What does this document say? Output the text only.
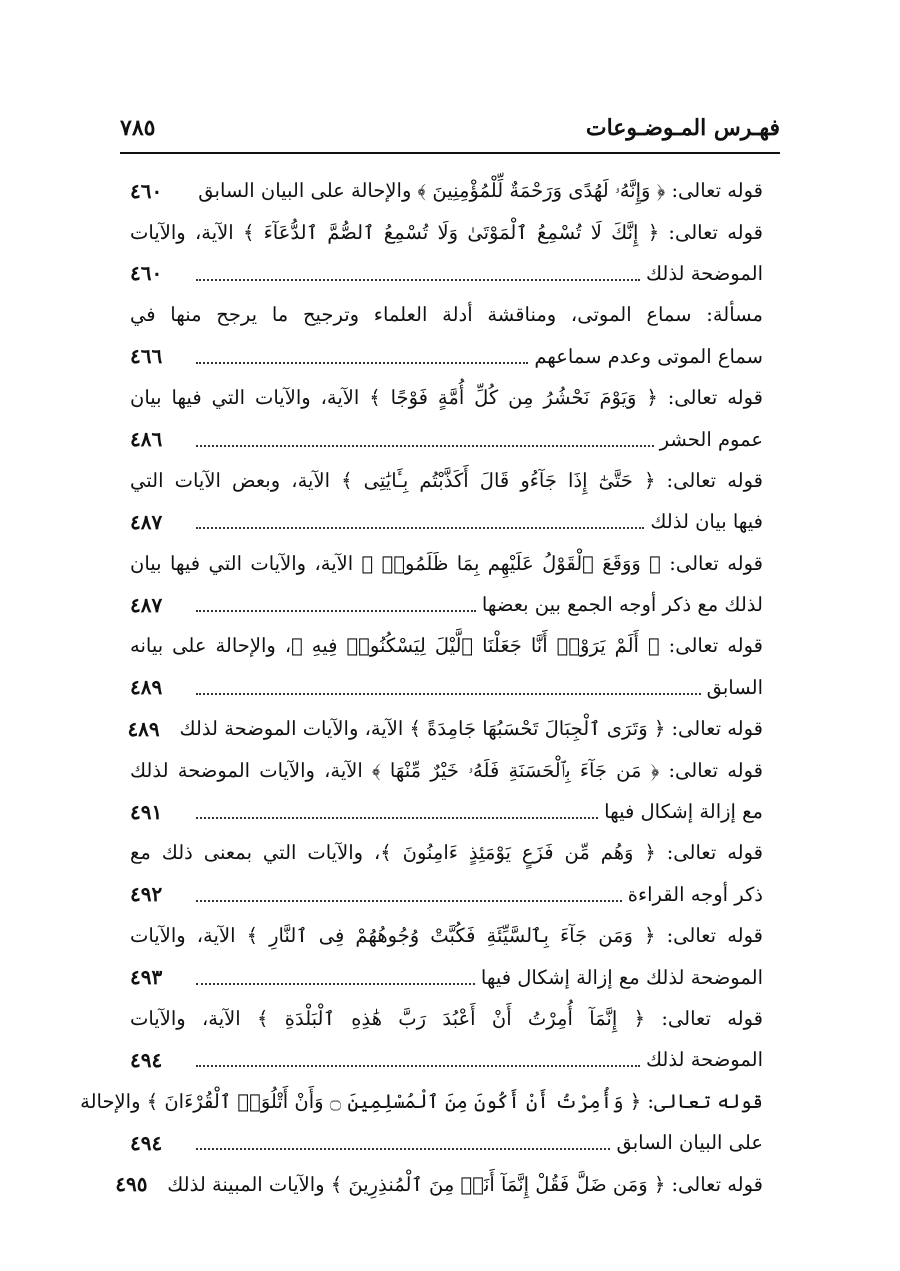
فهـرس المـوضـوعات
٧٨٥
قوله تعالى: ﴿ وَإِنَّهُۥ لَهُدًى وَرَحْمَةٌ لِّلْمُؤْمِنِينَ ﴾ والإحالة على البيان السابق
٤٦٠
قوله تعالى: ﴿ إِنَّكَ لَا تُسْمِعُ ٱلْمَوْتَىٰ وَلَا تُسْمِعُ ٱلصُّمَّ ٱلدُّعَآءَ ﴾ الآية، والآيات
الموضحة لذلك
٤٦٠
مسألة: سماع الموتى، ومناقشة أدلة العلماء وترجيح ما يرجح منها في
سماع الموتى وعدم سماعهم
٤٦٦
قوله تعالى: ﴿ وَيَوْمَ نَحْشُرُ مِن كُلِّ أُمَّةٍ فَوْجًا ﴾ الآية، والآيات التي فيها بيان
عموم الحشر
٤٨٦
قوله تعالى: ﴿ حَتَّىٰٓ إِذَا جَآءُو قَالَ أَكَذَّبْتُم بِـَٔايَٰتِى ﴾ الآية، وبعض الآيات التي
فيها بيان لذلك
٤٨٧
قوله تعالى: ﴿ وَوَقَعَ ٱلْقَوْلُ عَلَيْهِم بِمَا ظَلَمُوا۟ ﴾ الآية، والآيات التي فيها بيان
لذلك مع ذكر أوجه الجمع بين بعضها
٤٨٧
قوله تعالى: ﴿ أَلَمْ يَرَوْا۟ أَنَّا جَعَلْنَا ٱلَّيْلَ لِيَسْكُنُوا۟ فِيهِ ﴾، والإحالة على بيانه
السابق
٤٨٩
قوله تعالى: ﴿ وَتَرَى ٱلْجِبَالَ تَحْسَبُهَا جَامِدَةً ﴾ الآية، والآيات الموضحة لذلك
٤٨٩
قوله تعالى: ﴿ مَن جَآءَ بِٱلْحَسَنَةِ فَلَهُۥ خَيْرٌ مِّنْهَا ﴾ الآية، والآيات الموضحة لذلك
مع إزالة إشكال فيها
٤٩١
قوله تعالى: ﴿ وَهُم مِّن فَزَعٍ يَوْمَئِذٍ ءَامِنُونَ ﴾، والآيات التي بمعنى ذلك مع
ذكر أوجه القراءة
٤٩٢
قوله تعالى: ﴿ وَمَن جَآءَ بِٱلسَّيِّئَةِ فَكُبَّتْ وُجُوهُهُمْ فِى ٱلنَّارِ ﴾ الآية، والآيات
الموضحة لذلك مع إزالة إشكال فيها
٤٩٣
قوله تعالى: ﴿ إِنَّمَآ أُمِرْتُ أَنْ أَعْبُدَ رَبَّ هَٰذِهِ ٱلْبَلْدَةِ ﴾ الآية، والآيات
الموضحة لذلك
٤٩٤
قوله تعالى: ﴿ وَأُمِرْتُ أَنْ أَكُونَ مِنَ ٱلْمُسْلِمِينَ ۝ وَأَنْ أَتْلُوَا۟ ٱلْقُرْءَانَ ﴾ والإحالة
على البيان السابق
٤٩٤
قوله تعالى: ﴿ وَمَن ضَلَّ فَقُلْ إِنَّمَآ أَنَا۠ مِنَ ٱلْمُنذِرِينَ ﴾ والآيات المبينة لذلك
٤٩٥
